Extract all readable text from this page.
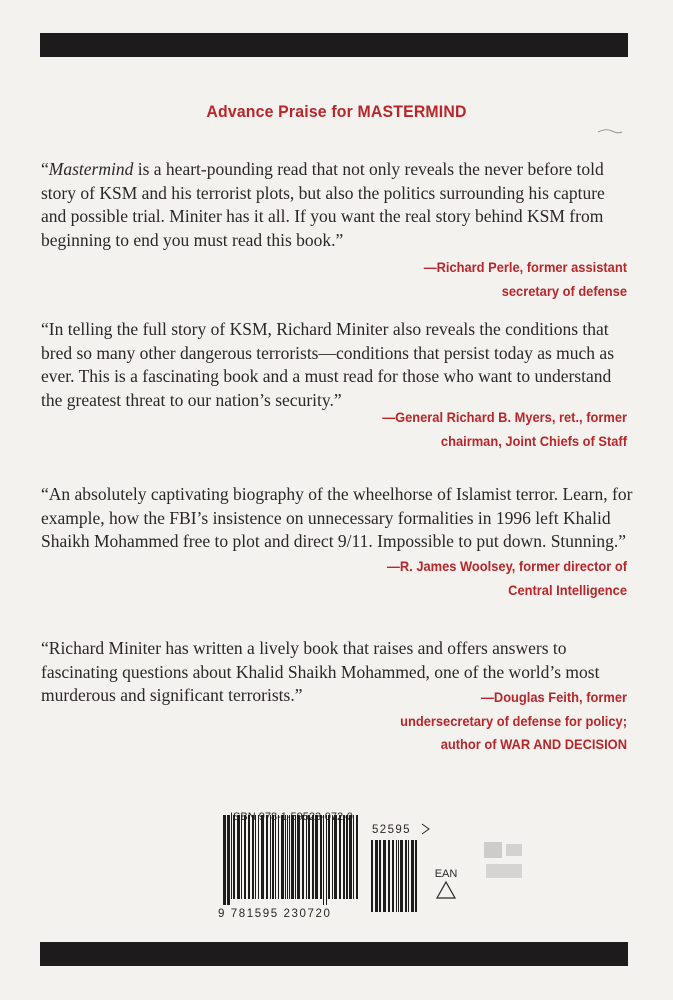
Advance Praise for MASTERMIND

“Mastermind is a heart-pounding read that not only reveals the never before told story of KSM and his terrorist plots, but also the politics surrounding his capture and possible trial. Miniter has it all. If you want the real story behind KSM from beginning to end you must read this book.”

—Richard Perle, former assistant
secretary of defense

“In telling the full story of KSM, Richard Miniter also reveals the conditions that bred so many other dangerous terrorists—conditions that persist today as much as ever. This is a fascinating book and a must read for those who want to understand the greatest threat to our nation’s security.”

—General Richard B. Myers, ret., former
chairman, Joint Chiefs of Staff

“An absolutely captivating biography of the wheelhorse of Islamist terror. Learn, for example, how the FBI’s insistence on unnecessary formalities in 1996 left Khalid Shaikh Mohammed free to plot and direct 9/11. Impossible to put down. Stunning.”

—R. James Woolsey, former director of
Central Intelligence

“Richard Miniter has written a lively book that raises and offers answers to fascinating questions about Khalid Shaikh Mohammed, one of the world’s most murderous and significant terrorists.”	—Douglas Feith, former
undersecretary of defense for policy;
author of WAR AND DECISION
ISBN 978-1-59523-072-0
9 781595 230720
52595
EAN
